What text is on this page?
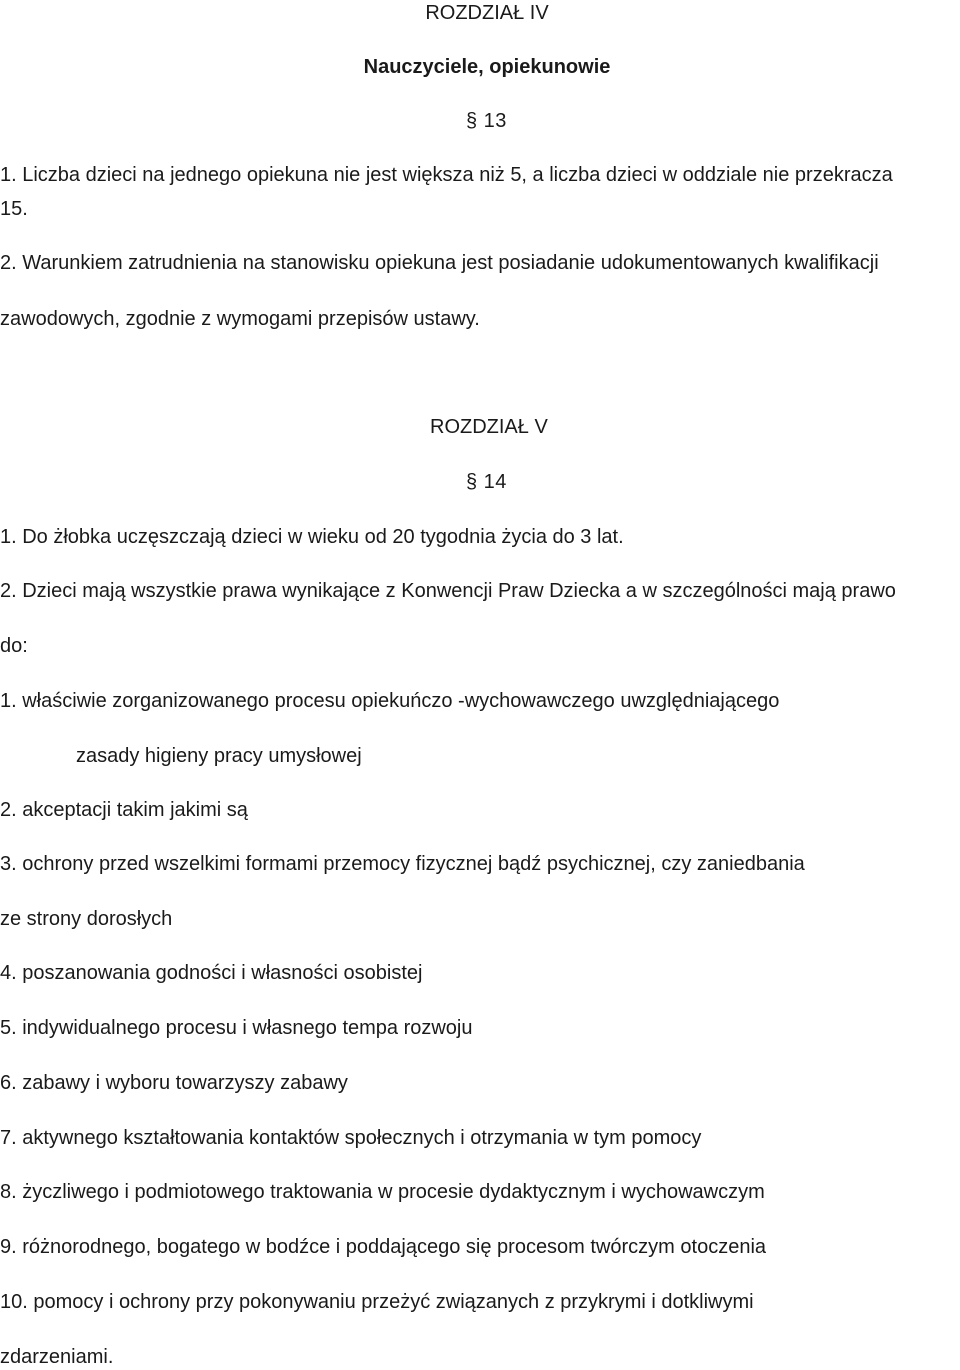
ROZDZIAŁ IV
Nauczyciele, opiekunowie
§ 13
1. Liczba dzieci na jednego opiekuna nie jest większa niż 5, a liczba dzieci w oddziale nie przekracza
15.
2. Warunkiem zatrudnienia na stanowisku opiekuna jest posiadanie udokumentowanych kwalifikacji
zawodowych, zgodnie z wymogami przepisów ustawy.
ROZDZIAŁ V
§ 14
1. Do żłobka uczęszczają dzieci w wieku od 20 tygodnia życia do 3 lat.
2. Dzieci mają wszystkie prawa wynikające z Konwencji Praw Dziecka a w szczególności mają prawo
do:
1. właściwie zorganizowanego procesu opiekuńczo -wychowawczego uwzględniającego
zasady higieny pracy umysłowej
2. akceptacji takim jakimi są
3. ochrony przed wszelkimi formami przemocy fizycznej bądź psychicznej, czy zaniedbania
ze strony dorosłych
4. poszanowania godności i własności osobistej
5. indywidualnego procesu i własnego tempa rozwoju
6. zabawy i wyboru towarzyszy zabawy
7. aktywnego kształtowania kontaktów społecznych i otrzymania w tym pomocy
8. życzliwego i podmiotowego traktowania w procesie dydaktycznym i wychowawczym
9. różnorodnego, bogatego w bodźce i poddającego się procesom twórczym otoczenia
10. pomocy i ochrony przy pokonywaniu przeżyć związanych z przykrymi i dotkliwymi
zdarzeniami.
